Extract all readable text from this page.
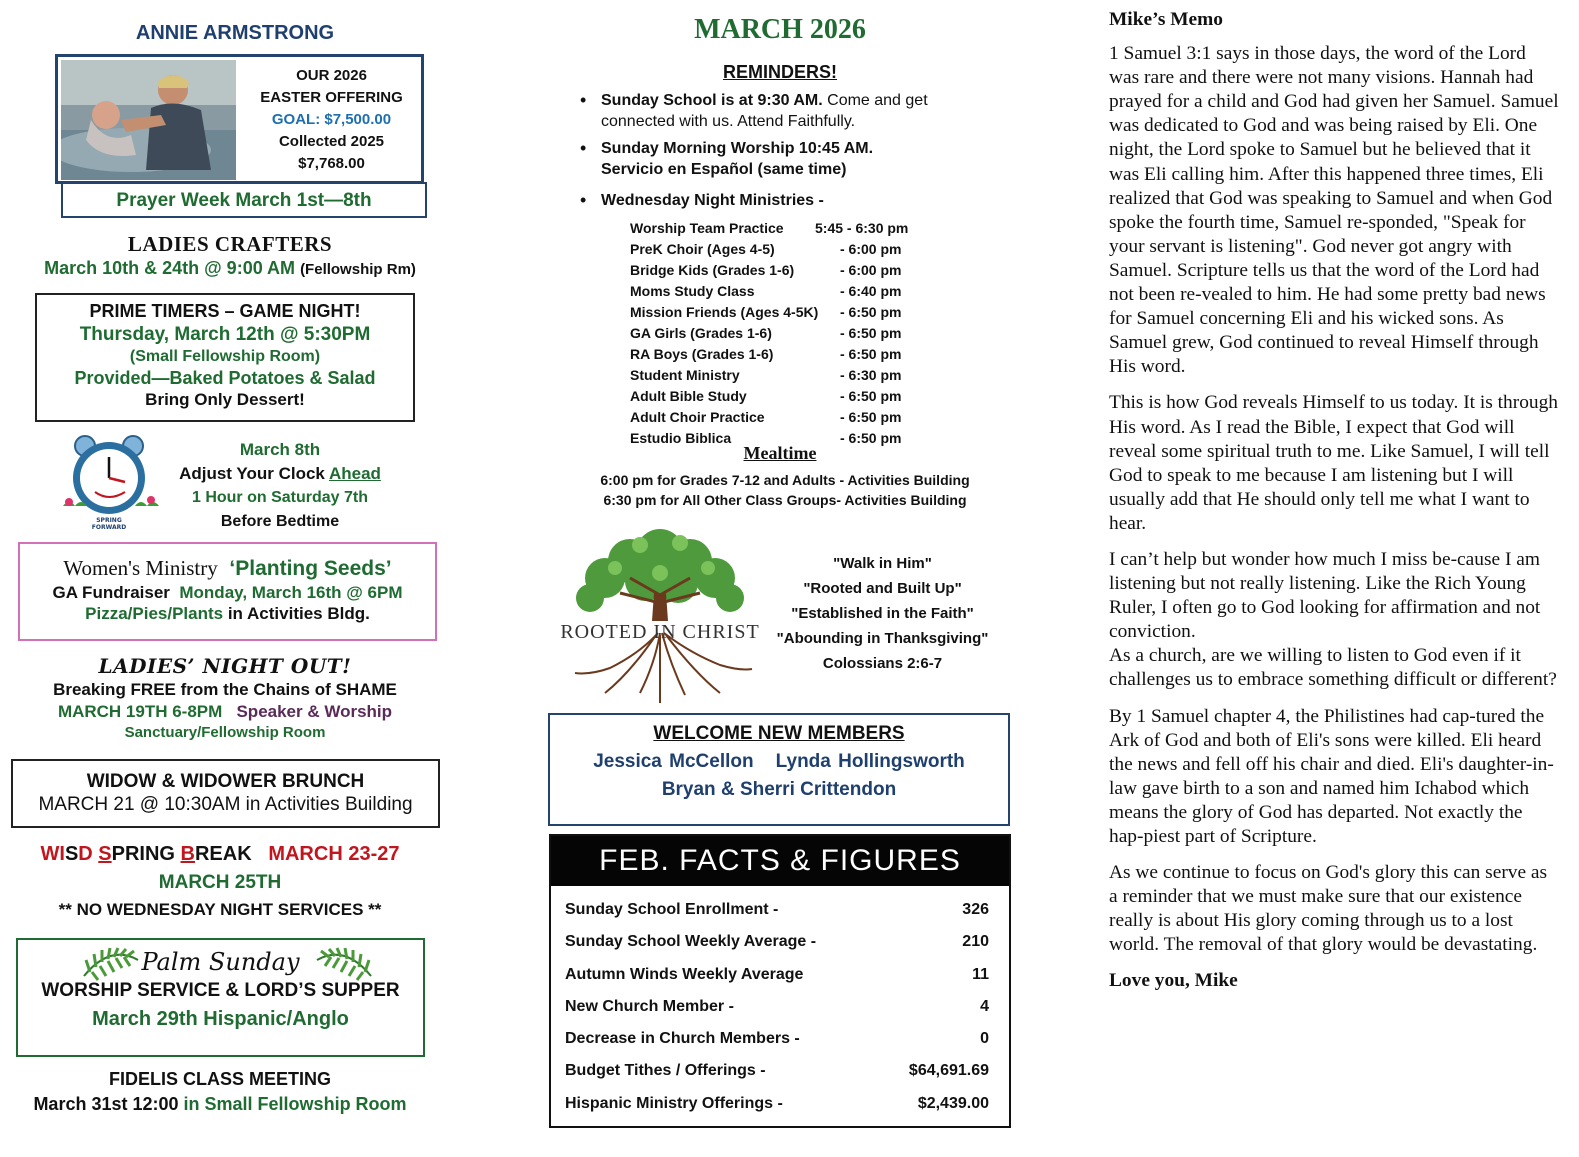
ANNIE ARMSTRONG
OUR 2026
EASTER OFFERING
GOAL: $7,500.00
Collected 2025
$7,768.00
Prayer Week March 1st—8th
LADIES CRAFTERS
March 10th & 24th @ 9:00 AM (Fellowship Rm)
PRIME TIMERS – GAME NIGHT!
Thursday, March 12th @ 5:30PM
(Small Fellowship Room)
Provided—Baked Potatoes & Salad
Bring Only Dessert!
SPRING
FORWARD
March 8th
Adjust Your Clock Ahead
1 Hour on Saturday 7th
Before Bedtime
Women's Ministry ‘Planting Seeds’
GA Fundraiser Monday, March 16th @ 6PM
Pizza/Pies/Plants in Activities Bldg.
LADIES’ NIGHT OUT!
Breaking FREE from the Chains of SHAME
MARCH 19TH 6-8PM Speaker & Worship
Sanctuary/Fellowship Room
WIDOW & WIDOWER BRUNCH
MARCH 21 @ 10:30AM in Activities Building
WISD SPRING BREAK MARCH 23-27
MARCH 25TH
** NO WEDNESDAY NIGHT SERVICES **
Palm Sunday
WORSHIP SERVICE & LORD’S SUPPER
March 29th Hispanic/Anglo
FIDELIS CLASS MEETING
March 31st 12:00 in Small Fellowship Room
MARCH 2026
REMINDERS!
• Sunday School is at 9:30 AM. Come and get connected with us. Attend Faithfully.
• Sunday Morning Worship 10:45 AM.
Servicio en Español (same time)
• Wednesday Night Ministries -
Worship Team Practice	5:45 - 6:30 pm
PreK Choir (Ages 4-5)	- 6:00 pm
Bridge Kids (Grades 1-6)	- 6:00 pm
Moms Study Class	- 6:40 pm
Mission Friends (Ages 4-5K)	- 6:50 pm
GA Girls (Grades 1-6)	- 6:50 pm
RA Boys (Grades 1-6)	- 6:50 pm
Student Ministry	- 6:30 pm
Adult Bible Study	- 6:50 pm
Adult Choir Practice	- 6:50 pm
Estudio Biblica	- 6:50 pm
Mealtime
6:00 pm for Grades 7-12 and Adults - Activities Building
6:30 pm for All Other Class Groups- Activities Building
ROOTED IN CHRIST
"Walk in Him"
"Rooted and Built Up"
"Established in the Faith"
"Abounding in Thanksgiving"
Colossians 2:6-7
WELCOME NEW MEMBERS
Jessica McCellon Lynda Hollingsworth
Bryan & Sherri Crittendon
FEB. FACTS & FIGURES
Sunday School Enrollment -	326
Sunday School Weekly Average -	210
Autumn Winds Weekly Average	11
New Church Member -	4
Decrease in Church Members -	0
Budget Tithes / Offerings -	$64,691.69
Hispanic Ministry Offerings -	$2,439.00
Mike’s Memo

1 Samuel 3:1 says in those days, the word of the Lord was rare and there were not many visions. Hannah had prayed for a child and God had given her Samuel. Samuel was dedicated to God and was being raised by Eli. One night, the Lord spoke to Samuel but he believed that it was Eli calling him. After this happened three times, Eli realized that God was speaking to Samuel and when God spoke the fourth time, Samuel re-sponded, "Speak for your servant is listening". God never got angry with Samuel. Scripture tells us that the word of the Lord had not been re-vealed to him. He had some pretty bad news for Samuel concerning Eli and his wicked sons. As Samuel grew, God continued to reveal Himself through His word.

This is how God reveals Himself to us today. It is through His word. As I read the Bible, I expect that God will reveal some spiritual truth to me. Like Samuel, I will tell God to speak to me because I am listening but I will usually add that He should only tell me what I want to hear.

I can’t help but wonder how much I miss be-cause I am listening but not really listening. Like the Rich Young Ruler, I often go to God looking for affirmation and not conviction.

As a church, are we willing to listen to God even if it challenges us to embrace something difficult or different?

By 1 Samuel chapter 4, the Philistines had cap-tured the Ark of God and both of Eli's sons were killed. Eli heard the news and fell off his chair and died. Eli's daughter-in-law gave birth to a son and named him Ichabod which means the glory of God has departed. Not exactly the hap-piest part of Scripture.

As we continue to focus on God's glory this can serve as a reminder that we must make sure that our existence really is about His glory coming through us to a lost world. The removal of that glory would be devastating.

Love you, Mike
